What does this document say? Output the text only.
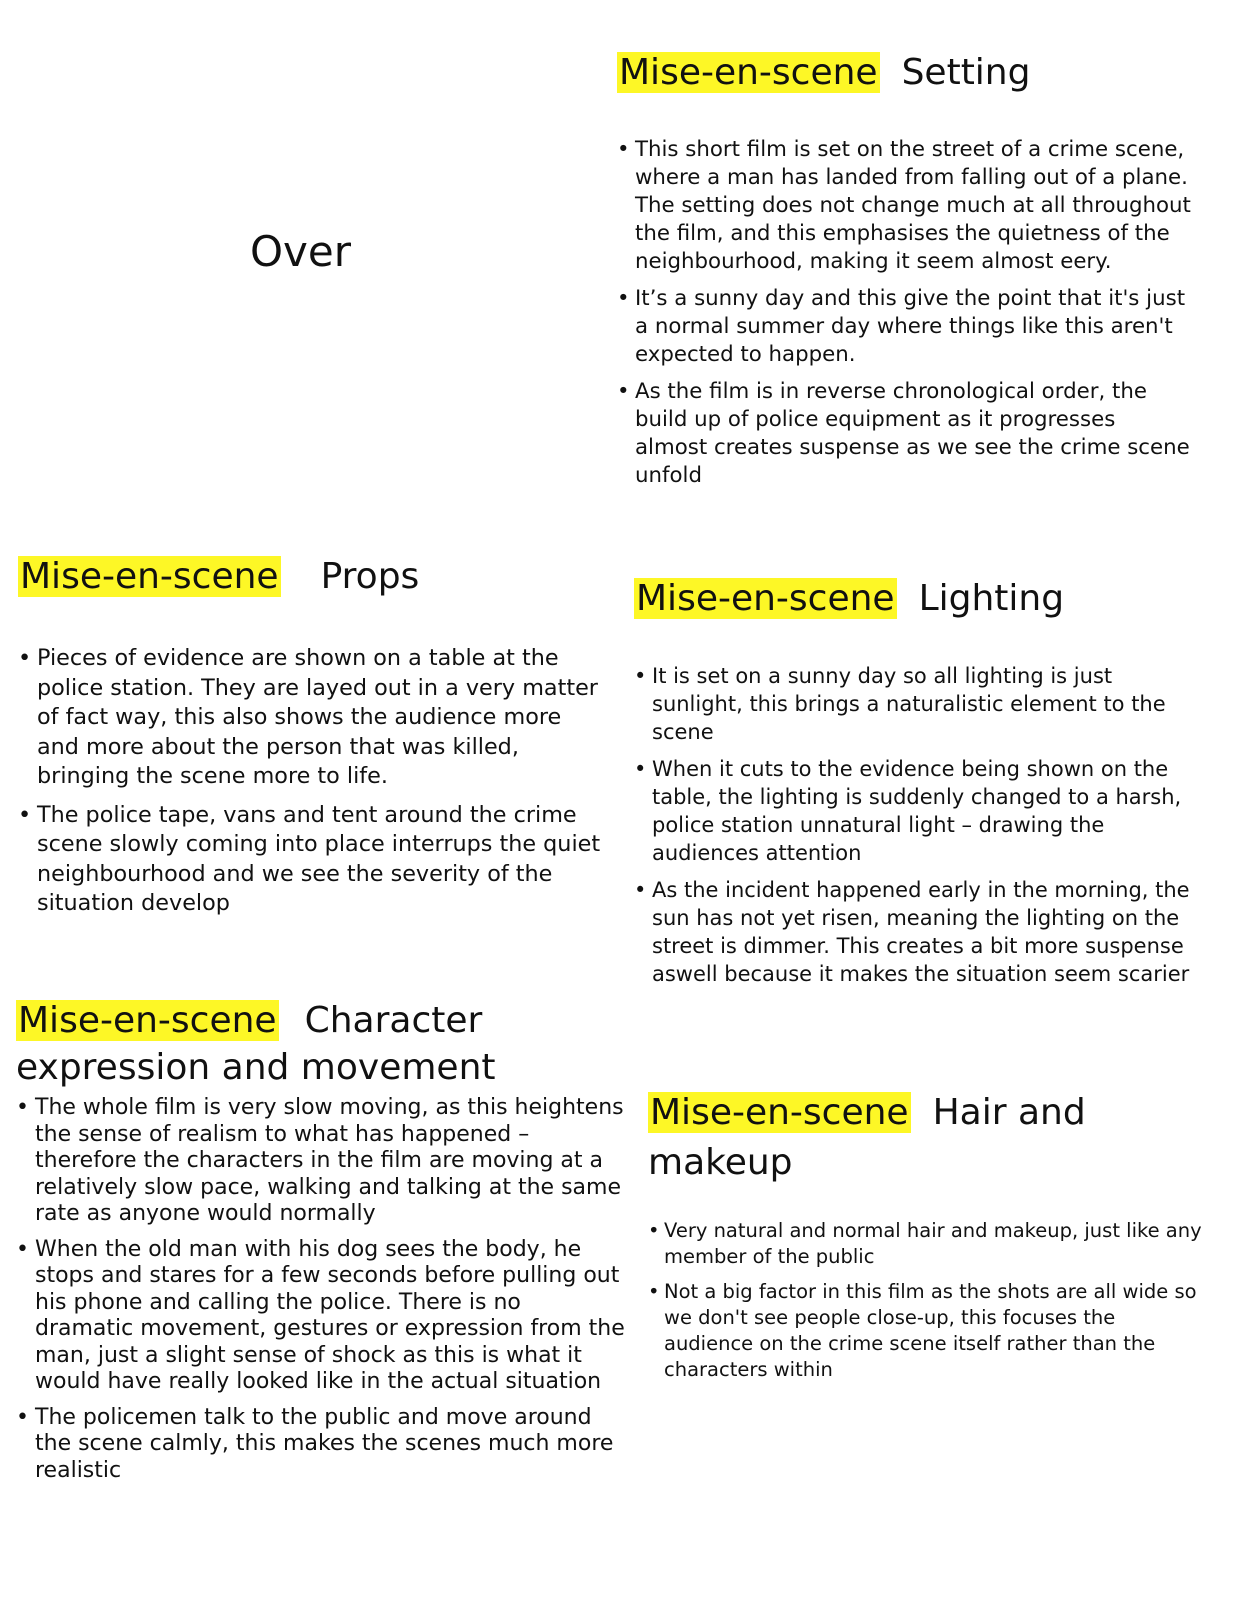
Over
Mise-en-scene Setting
• This short film is set on the street of a crime scene, where a man has landed from falling out of a plane. The setting does not change much at all throughout the film, and this emphasises the quietness of the neighbourhood, making it seem almost eery.
• It’s a sunny day and this give the point that it's just a normal summer day where things like this aren't expected to happen.
• As the film is in reverse chronological order, the build up of police equipment as it progresses almost creates suspense as we see the crime scene unfold
Mise-en-scene Props
• Pieces of evidence are shown on a table at the police station. They are layed out in a very matter of fact way, this also shows the audience more and more about the person that was killed, bringing the scene more to life.
• The police tape, vans and tent around the crime scene slowly coming into place interrups the quiet neighbourhood and we see the severity of the situation develop
Mise-en-scene Lighting
• It is set on a sunny day so all lighting is just sunlight, this brings a naturalistic element to the scene
• When it cuts to the evidence being shown on the table, the lighting is suddenly changed to a harsh, police station unnatural light – drawing the audiences attention
• As the incident happened early in the morning, the sun has not yet risen, meaning the lighting on the street is dimmer. This creates a bit more suspense aswell because it makes the situation seem scarier
Mise-en-scene Character expression and movement
• The whole film is very slow moving, as this heightens the sense of realism to what has happened – therefore the characters in the film are moving at a relatively slow pace, walking and talking at the same rate as anyone would normally
• When the old man with his dog sees the body, he stops and stares for a few seconds before pulling out his phone and calling the police. There is no dramatic movement, gestures or expression from the man, just a slight sense of shock as this is what it would have really looked like in the actual situation
• The policemen talk to the public and move around the scene calmly, this makes the scenes much more realistic
Mise-en-scene Hair and makeup
• Very natural and normal hair and makeup, just like any member of the public
• Not a big factor in this film as the shots are all wide so we don't see people close-up, this focuses the audience on the crime scene itself rather than the characters within
